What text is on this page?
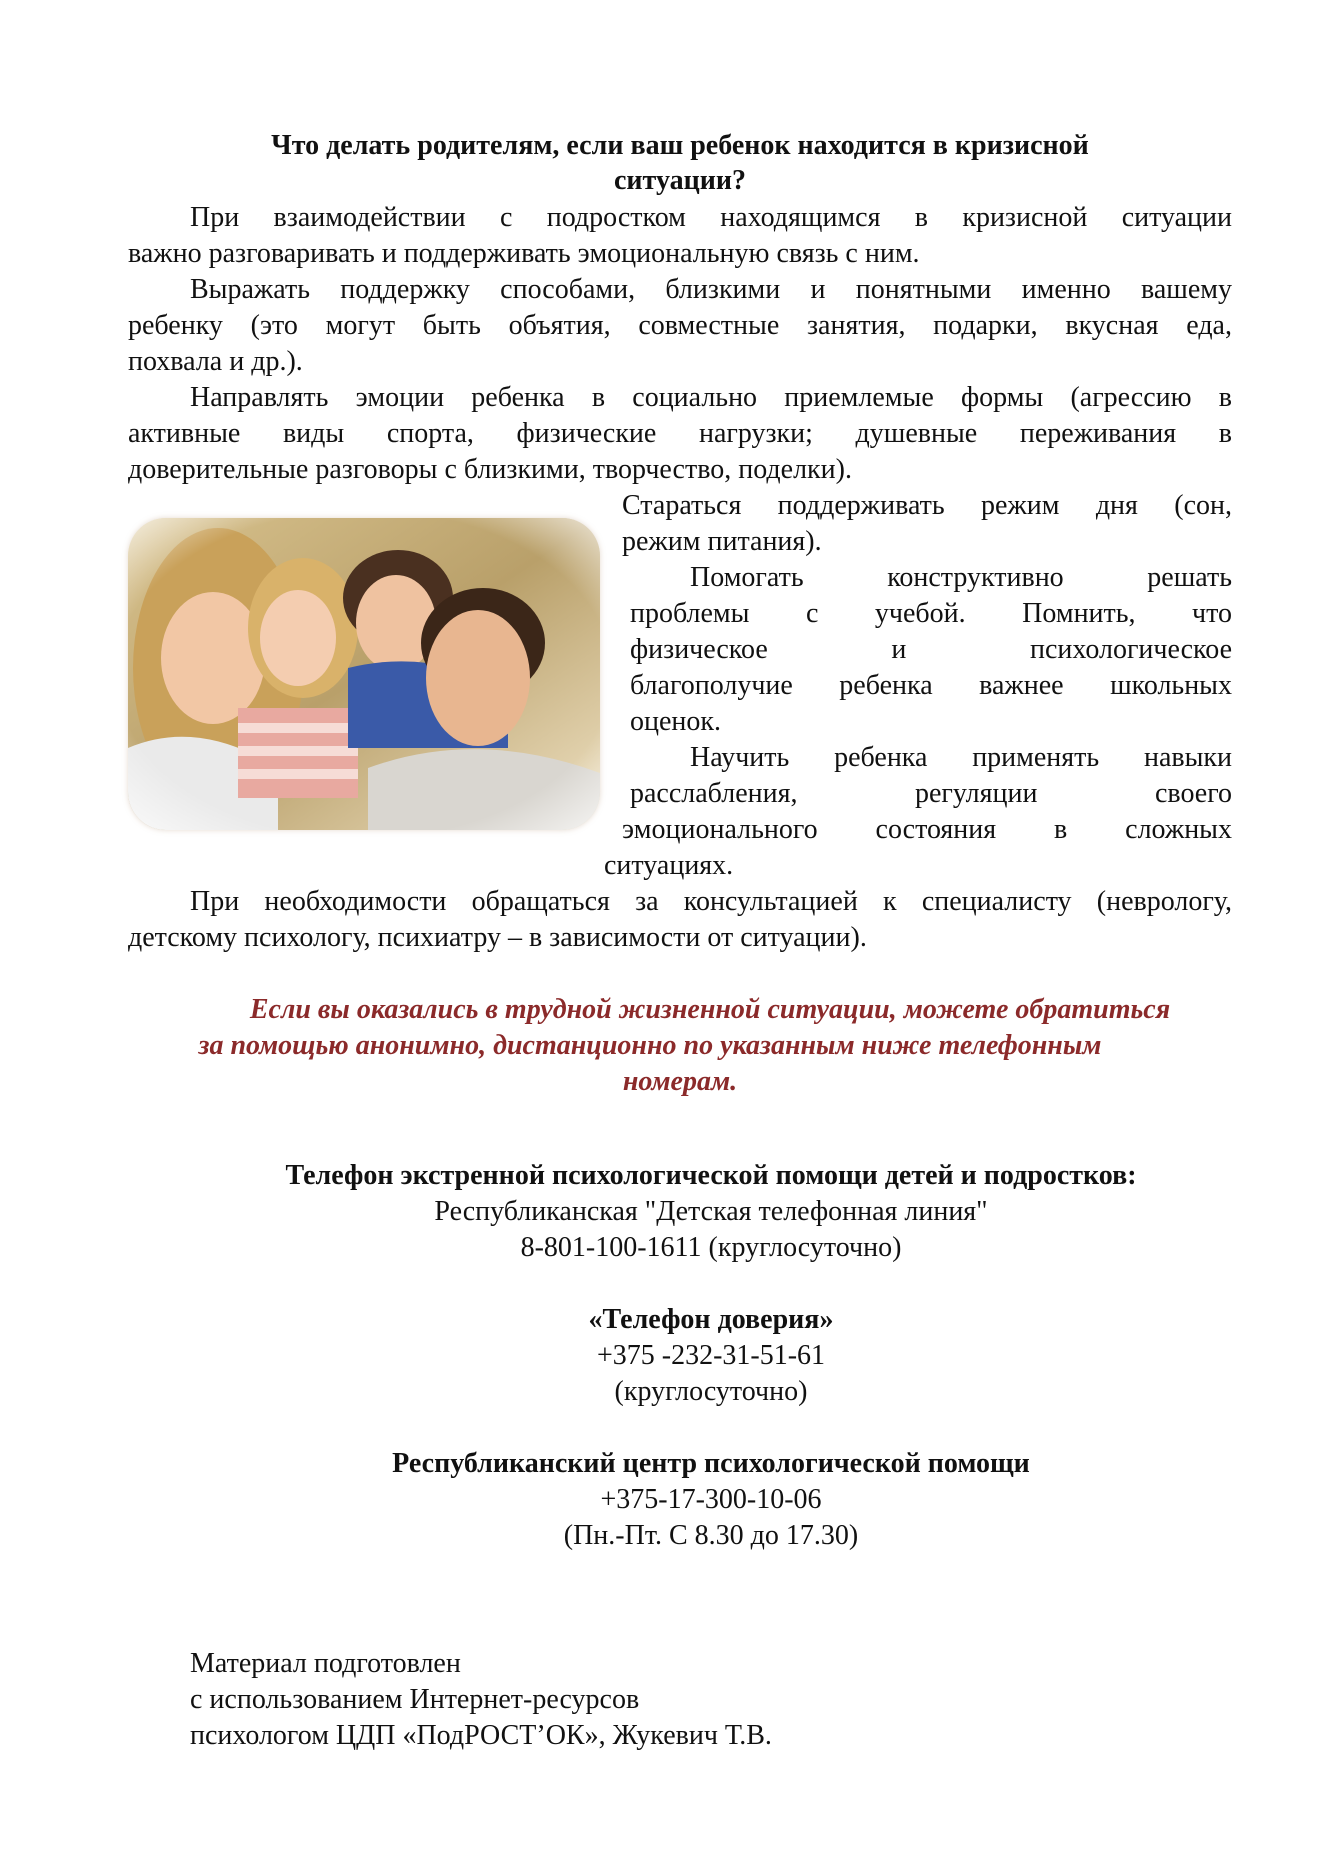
Что делать родителям, если ваш ребенок находится в кризисной
ситуации?

При взаимодействии с подростком находящимся в кризисной ситуации

важно разговаривать и поддерживать эмоциональную связь с ним.

Выражать поддержку способами, близкими и понятными именно вашему

ребенку (это могут быть объятия, совместные занятия, подарки, вкусная еда,

похвала и др.).

Направлять эмоции ребенка в социально приемлемые формы (агрессию в

активные виды спорта, физические нагрузки; душевные переживания в

доверительные разговоры с близкими, творчество, поделки).

Стараться поддерживать режим дня (сон,

режим питания).

Помогать конструктивно решать

проблемы с учебой. Помнить, что

физическое и психологическое

благополучие ребенка важнее школьных

оценок.

Научить ребенка применять навыки

расслабления, регуляции своего

эмоционального состояния в сложных

ситуациях.

При необходимости обращаться за консультацией к специалисту (неврологу,

детскому психологу, психиатру – в зависимости от ситуации).

Если вы оказались в трудной жизненной ситуации, можете обратиться

за помощью анонимно, дистанционно по указанным ниже телефонным

номерам.

Телефон экстренной психологической помощи детей и подростков:

Республиканская "Детская телефонная линия"

8-801-100-1611 (круглосуточно)

«Телефон доверия»

+375 -232-31-51-61

(круглосуточно)

Республиканский центр психологической помощи

+375-17-300-10-06

(Пн.-Пт. С 8.30 до 17.30)

Материал подготовлен

с использованием Интернет-ресурсов

психологом ЦДП «ПодРОСТ’ОК», Жукевич Т.В.
